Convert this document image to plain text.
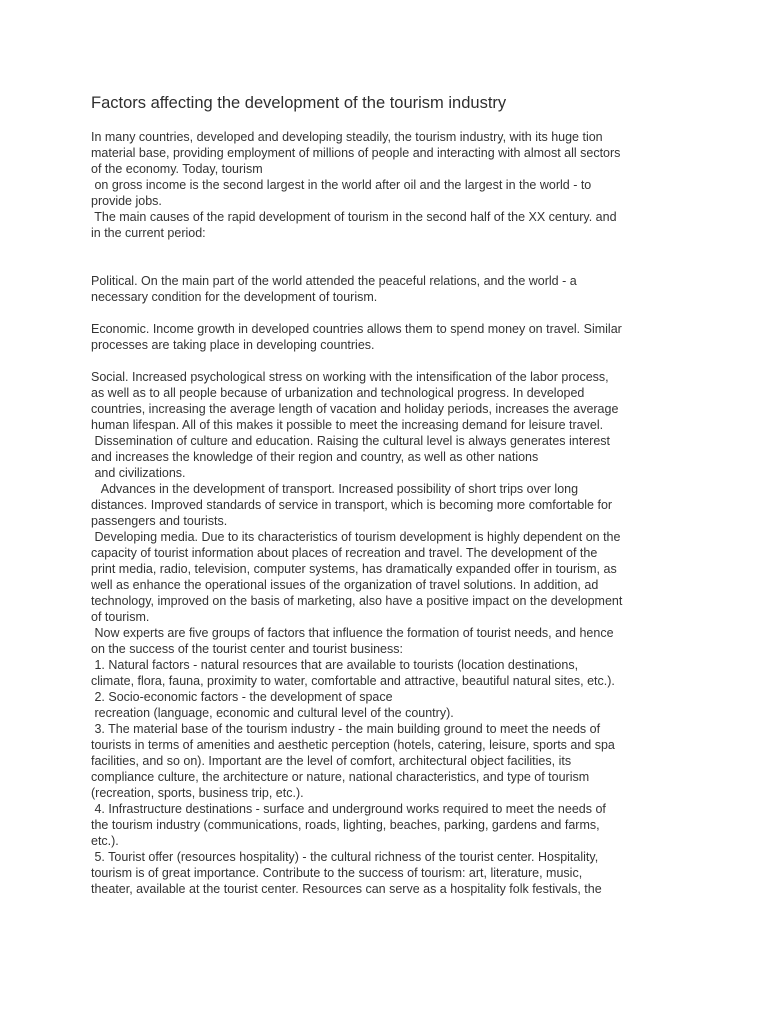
Factors affecting the development of the tourism industry
In many countries, developed and developing steadily, the tourism industry, with its huge tion
material base, providing employment of millions of people and interacting with almost all sectors
of the economy. Today, tourism
on gross income is the second largest in the world after oil and the largest in the world - to
provide jobs.
The main causes of the rapid development of tourism in the second half of the XX century. and
in the current period:
Political. On the main part of the world attended the peaceful relations, and the world - a
necessary condition for the development of tourism.
Economic. Income growth in developed countries allows them to spend money on travel. Similar
processes are taking place in developing countries.
Social. Increased psychological stress on working with the intensification of the labor process,
as well as to all people because of urbanization and technological progress. In developed
countries, increasing the average length of vacation and holiday periods, increases the average
human lifespan. All of this makes it possible to meet the increasing demand for leisure travel.
Dissemination of culture and education. Raising the cultural level is always generates interest
and increases the knowledge of their region and country, as well as other nations
and civilizations.
Advances in the development of transport. Increased possibility of short trips over long
distances. Improved standards of service in transport, which is becoming more comfortable for
passengers and tourists.
Developing media. Due to its characteristics of tourism development is highly dependent on the
capacity of tourist information about places of recreation and travel. The development of the
print media, radio, television, computer systems, has dramatically expanded offer in tourism, as
well as enhance the operational issues of the organization of travel solutions. In addition, ad
technology, improved on the basis of marketing, also have a positive impact on the development
of tourism.
Now experts are five groups of factors that influence the formation of tourist needs, and hence
on the success of the tourist center and tourist business:
1. Natural factors - natural resources that are available to tourists (location destinations,
climate, flora, fauna, proximity to water, comfortable and attractive, beautiful natural sites, etc.).
2. Socio-economic factors - the development of space
recreation (language, economic and cultural level of the country).
3. The material base of the tourism industry - the main building ground to meet the needs of
tourists in terms of amenities and aesthetic perception (hotels, catering, leisure, sports and spa
facilities, and so on). Important are the level of comfort, architectural object facilities, its
compliance culture, the architecture or nature, national characteristics, and type of tourism
(recreation, sports, business trip, etc.).
4. Infrastructure destinations - surface and underground works required to meet the needs of
the tourism industry (communications, roads, lighting, beaches, parking, gardens and farms,
etc.).
5. Tourist offer (resources hospitality) - the cultural richness of the tourist center. Hospitality,
tourism is of great importance. Contribute to the success of tourism: art, literature, music,
theater, available at the tourist center. Resources can serve as a hospitality folk festivals, the
